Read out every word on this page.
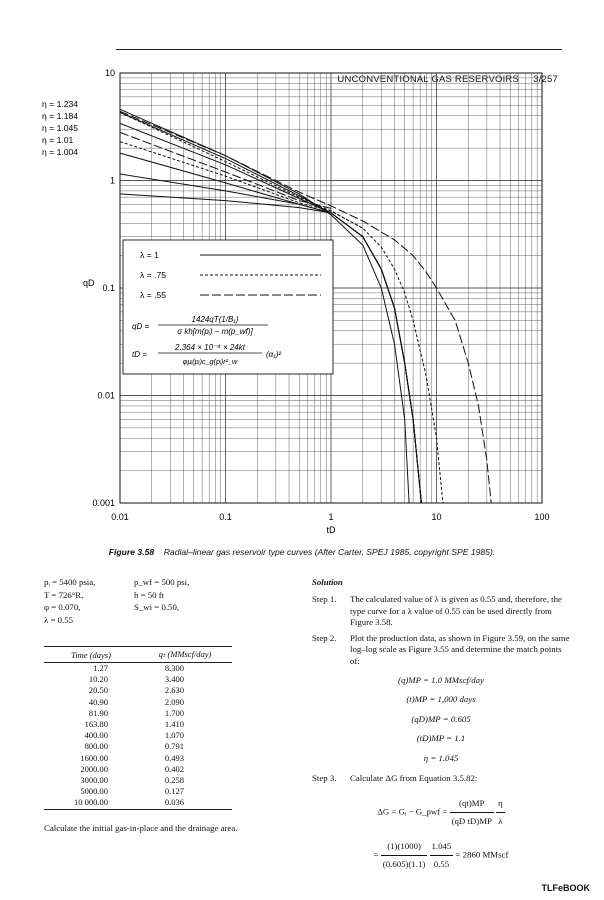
UNCONVENTIONAL GAS RESERVOIRS 3/257
0.01	0.1	1	10	100
0.001
0.01
0.1
1
10
tD
qD
η = 1.234
η = 1.184
η = 1.045
η = 1.01
η = 1.004
λ = 1
λ = .75
λ = .55
qD =
1424qT(1/B₁)
σ kh[m(pᵢ) − m(p_wf)]
tD =
2.364 × 10⁻⁴ × 24kt
φμᵢ(pᵢ)c_g(pᵢ)r²_w
(α₁)²
Figure 3.58 Radial–linear gas reservoir type curves (After Carter, SPEJ 1985, copyright SPE 1985).
pᵢ = 5400 psia,	p_wf = 500 psi,
T = 726°R,	h = 50 ft
φ = 0.070,	S_wi = 0.50,
λ = 0.55
Time (days)	qₜ (MMscf/day)
1.27	8.300
10.20	3.400
20.50	2.630
40.90	2.090
81.90	1.700
163.80	1.410
400.00	1.070
800.00	0.791
1600.00	0.493
2000.00	0.402
3000.00	0.258
5000.00	0.127
10 000.00	0.036
Calculate the initial gas-in-place and the drainage area.
Solution
Step 1. The calculated value of λ is given as 0.55 and, therefore, the type curve for a λ value of 0.55 can be used directly from Figure 3.58.
Step 2. Plot the production data, as shown in Figure 3.59, on the same log–log scale as Figure 3.55 and determine the match points of:
(q)MP = 1.0 MMscf/day
(t)MP = 1,000 days
(qD)MP = 0.605
(tD)MP = 1.1
η = 1.045
Step 3. Calculate ΔG from Equation 3.5.82:
ΔG = Gᵢ − G_pwf = $\frac{(qt)MP}{\text{(qD tD)MP}}$
$\frac{\eta}{\lambda}$
= $\frac{(1)(1000)}{(0.605)(1.1)}$
$\frac{1.045}{0.55} = 2860$ MMscf
TLFeBOOK
